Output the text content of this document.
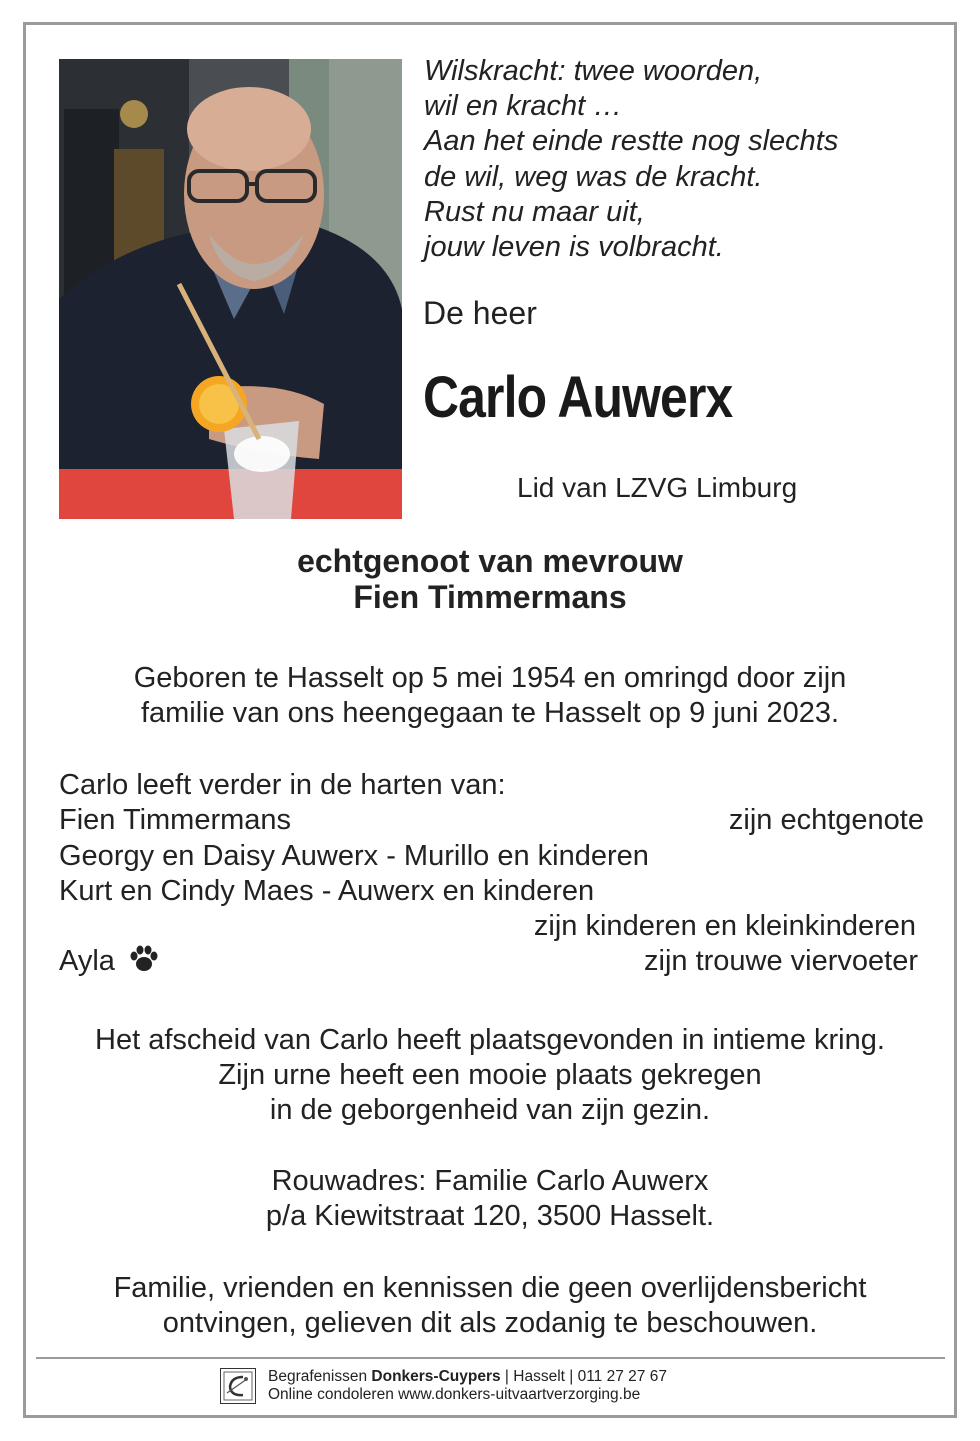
Wilskracht: twee woorden,
wil en kracht …
Aan het einde restte nog slechts
de wil, weg was de kracht.
Rust nu maar uit,
jouw leven is volbracht.
De heer
Carlo Auwerx
Lid van LZVG Limburg
echtgenoot van mevrouw
Fien Timmermans
Geboren te Hasselt op 5 mei 1954 en omringd door zijn
familie van ons heengegaan te Hasselt op 9 juni 2023.
Carlo leeft verder in de harten van:
Fien Timmermans	zijn echtgenote
Georgy en Daisy Auwerx - Murillo en kinderen
Kurt en Cindy Maes - Auwerx en kinderen
zijn kinderen en kleinkinderen
Ayla	zijn trouwe viervoeter
Het afscheid van Carlo heeft plaatsgevonden in intieme kring.
Zijn urne heeft een mooie plaats gekregen
in de geborgenheid van zijn gezin.
Rouwadres: Familie Carlo Auwerx
p/a Kiewitstraat 120, 3500 Hasselt.
Familie, vrienden en kennissen die geen overlijdensbericht
ontvingen, gelieven dit als zodanig te beschouwen.
Begrafenissen Donkers-Cuypers | Hasselt | 011 27 27 67
Online condoleren www.donkers-uitvaartverzorging.be
